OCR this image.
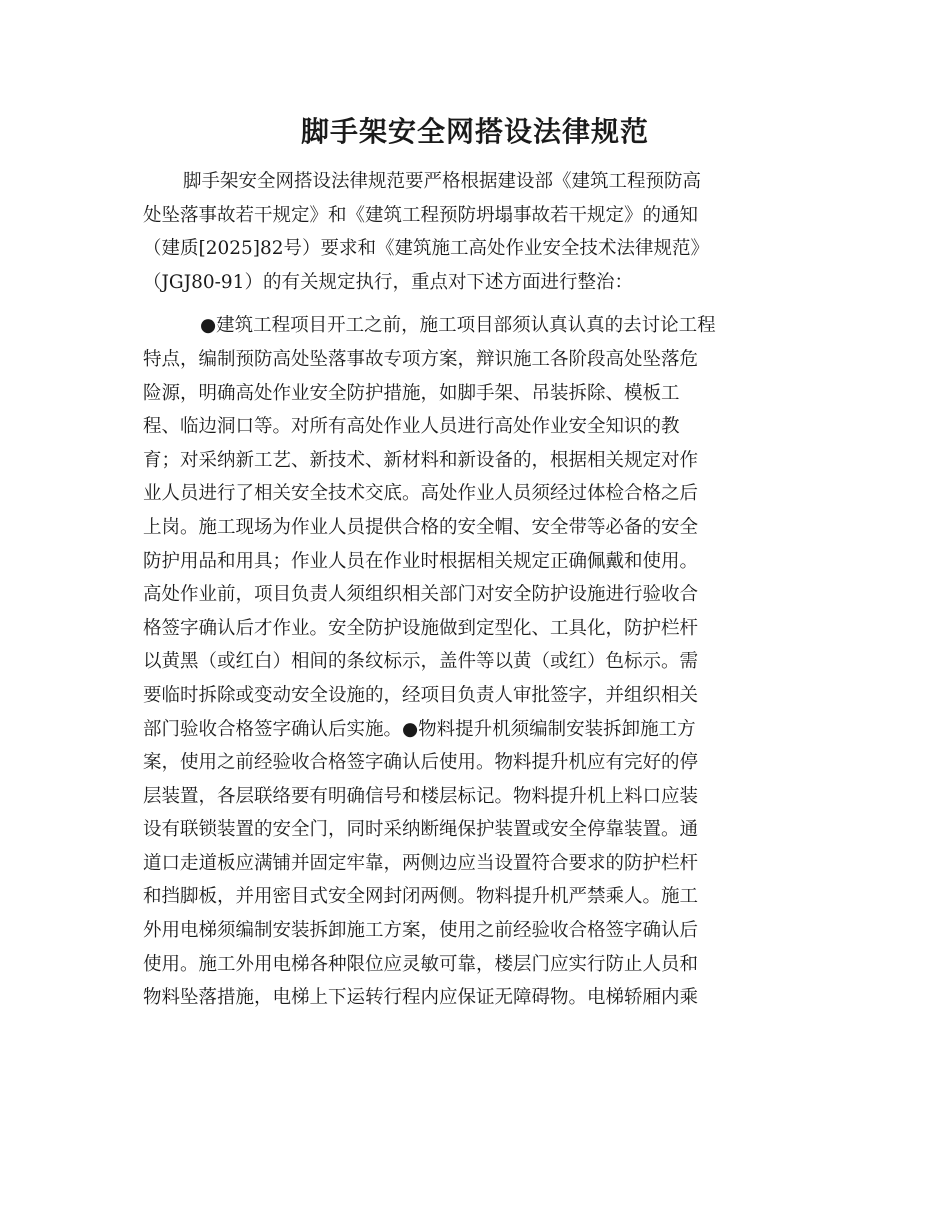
脚手架安全网搭设法律规范
脚手架安全网搭设法律规范要严格根据建设部《建筑工程预防高
处坠落事故若干规定》和《建筑工程预防坍塌事故若干规定》的通知
（建质[2025]82号）要求和《建筑施工高处作业安全技术法律规范》
（JGJ80-91）的有关规定执行，重点对下述方面进行整治：
●建筑工程项目开工之前，施工项目部须认真认真的去讨论工程
特点，编制预防高处坠落事故专项方案，辩识施工各阶段高处坠落危
险源，明确高处作业安全防护措施，如脚手架、吊装拆除、模板工
程、临边洞口等。对所有高处作业人员进行高处作业安全知识的教
育；对采纳新工艺、新技术、新材料和新设备的，根据相关规定对作
业人员进行了相关安全技术交底。高处作业人员须经过体检合格之后
上岗。施工现场为作业人员提供合格的安全帽、安全带等必备的安全
防护用品和用具；作业人员在作业时根据相关规定正确佩戴和使用。
高处作业前，项目负责人须组织相关部门对安全防护设施进行验收合
格签字确认后才作业。安全防护设施做到定型化、工具化，防护栏杆
以黄黑（或红白）相间的条纹标示，盖件等以黄（或红）色标示。需
要临时拆除或变动安全设施的，经项目负责人审批签字，并组织相关
部门验收合格签字确认后实施。●物料提升机须编制安装拆卸施工方
案，使用之前经验收合格签字确认后使用。物料提升机应有完好的停
层装置，各层联络要有明确信号和楼层标记。物料提升机上料口应装
设有联锁装置的安全门，同时采纳断绳保护装置或安全停靠装置。通
道口走道板应满铺并固定牢靠，两侧边应当设置符合要求的防护栏杆
和挡脚板，并用密目式安全网封闭两侧。物料提升机严禁乘人。施工
外用电梯须编制安装拆卸施工方案，使用之前经验收合格签字确认后
使用。施工外用电梯各种限位应灵敏可靠，楼层门应实行防止人员和
物料坠落措施，电梯上下运转行程内应保证无障碍物。电梯轿厢内乘
